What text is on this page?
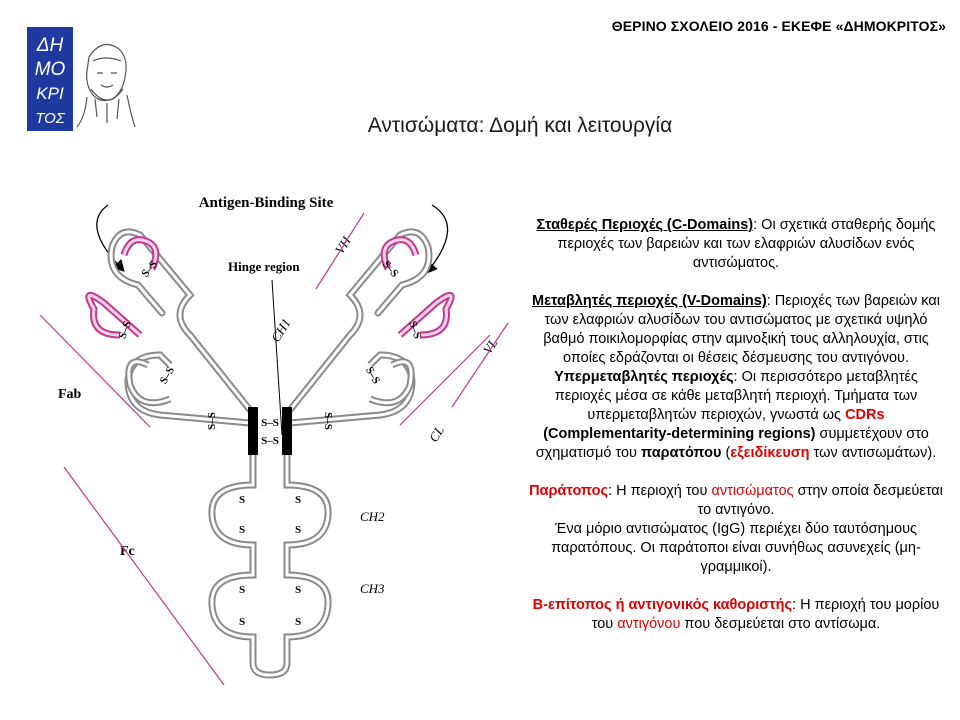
ΘΕΡΙΝΟ ΣΧΟΛΕΙΟ 2016 - ΕΚΕΦΕ «ΔΗΜΟΚΡΙΤΟΣ»
ΔΗ
ΜΟ
ΚΡΙ
ΤΟΣ	Αντισώματα: Δομή και λειτουργία
Antigen-Binding Site
Hinge region
S–S
S–S
S
S
S
S
S
S
S
S
S–S	S–S
S–S
S–S
S–S
S–S
S–S
S–S
VH
VL
CH1
CL
CH2
CH3
Fab
Fc

Σταθερές Περιοχές (C-Domains): Οι σχετικά σταθερής δομής περιοχές των βαρειών και των ελαφριών αλυσίδων ενός αντισώματος.

Μεταβλητές περιοχές (V-Domains): Περιοχές των βαρειών και των ελαφριών αλυσίδων του αντισώματος με σχετικά υψηλό βαθμό ποικιλομορφίας στην αμινοξική τους αλληλουχία, στις οποίες εδράζονται οι θέσεις δέσμευσης του αντιγόνου. Υπερμεταβλητές περιοχές: Οι περισσότερο μεταβλητές περιοχές μέσα σε κάθε μεταβλητή περιοχή. Τμήματα των υπερμεταβλητών περιοχών, γνωστά ως CDRs (Complementarity-determining regions) συμμετέχουν στο σχηματισμό του παρατόπου (εξειδίκευση των αντισωμάτων).

Παράτοπος: Η περιοχή του αντισώματος στην οποία δεσμεύεται το αντιγόνο.
Ένα μόριο αντισώματος (IgG) περιέχει δύο ταυτόσημους παρατόπους. Οι παράτοποι είναι συνήθως ασυνεχείς (μη-γραμμικοί).

Β-επίτοπος ή αντιγονικός καθοριστής: Η περιοχή του μορίου του αντιγόνου που δεσμεύεται στο αντίσωμα.
